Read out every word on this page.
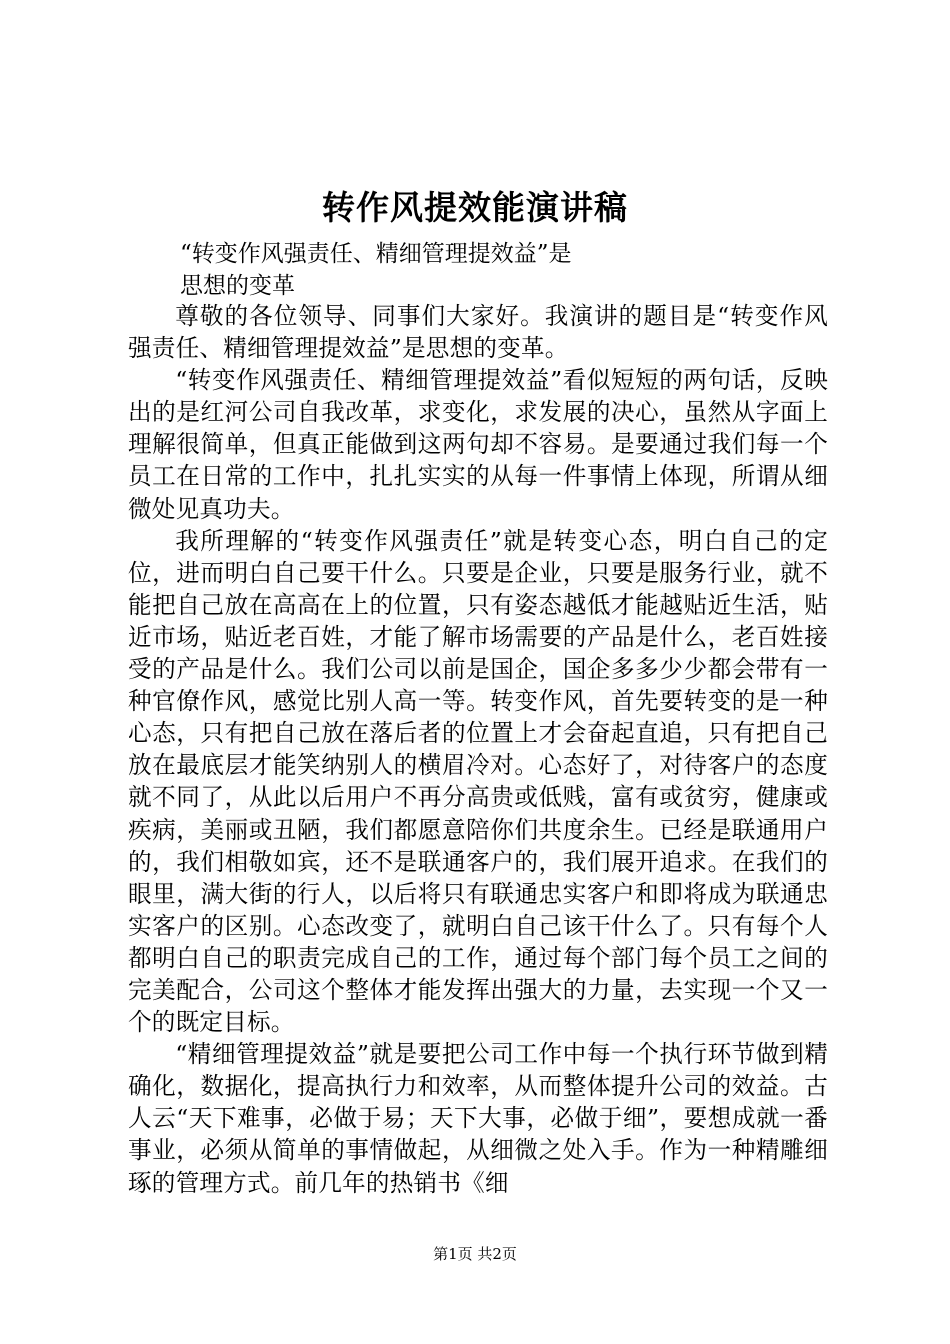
转作风提效能演讲稿
“转变作风强责任、精细管理提效益”是
思想的变革

尊敬的各位领导、同事们大家好。我演讲的题目是“转变作风强责任、精细管理提效益”是思想的变革。

“转变作风强责任、精细管理提效益”看似短短的两句话，反映出的是红河公司自我改革，求变化，求发展的决心，虽然从字面上理解很简单，但真正能做到这两句却不容易。是要通过我们每一个员工在日常的工作中，扎扎实实的从每一件事情上体现，所谓从细微处见真功夫。

我所理解的“转变作风强责任”就是转变心态，明白自己的定位，进而明白自己要干什么。只要是企业，只要是服务行业，就不能把自己放在高高在上的位置，只有姿态越低才能越贴近生活，贴近市场，贴近老百姓，才能了解市场需要的产品是什么，老百姓接受的产品是什么。我们公司以前是国企，国企多多少少都会带有一种官僚作风，感觉比别人高一等。转变作风，首先要转变的是一种心态，只有把自己放在落后者的位置上才会奋起直追，只有把自己放在最底层才能笑纳别人的横眉冷对。心态好了，对待客户的态度就不同了，从此以后用户不再分高贵或低贱，富有或贫穷，健康或疾病，美丽或丑陋，我们都愿意陪你们共度余生。已经是联通用户的，我们相敬如宾，还不是联通客户的，我们展开追求。在我们的眼里，满大街的行人，以后将只有联通忠实客户和即将成为联通忠实客户的区别。心态改变了，就明白自己该干什么了。只有每个人都明白自己的职责完成自己的工作，通过每个部门每个员工之间的完美配合，公司这个整体才能发挥出强大的力量，去实现一个又一个的既定目标。

“精细管理提效益”就是要把公司工作中每一个执行环节做到精确化，数据化，提高执行力和效率，从而整体提升公司的效益。古人云“天下难事，必做于易；天下大事，必做于细”，要想成就一番事业，必须从简单的事情做起，从细微之处入手。作为一种精雕细琢的管理方式。前几年的热销书《细

第1页 共2页
